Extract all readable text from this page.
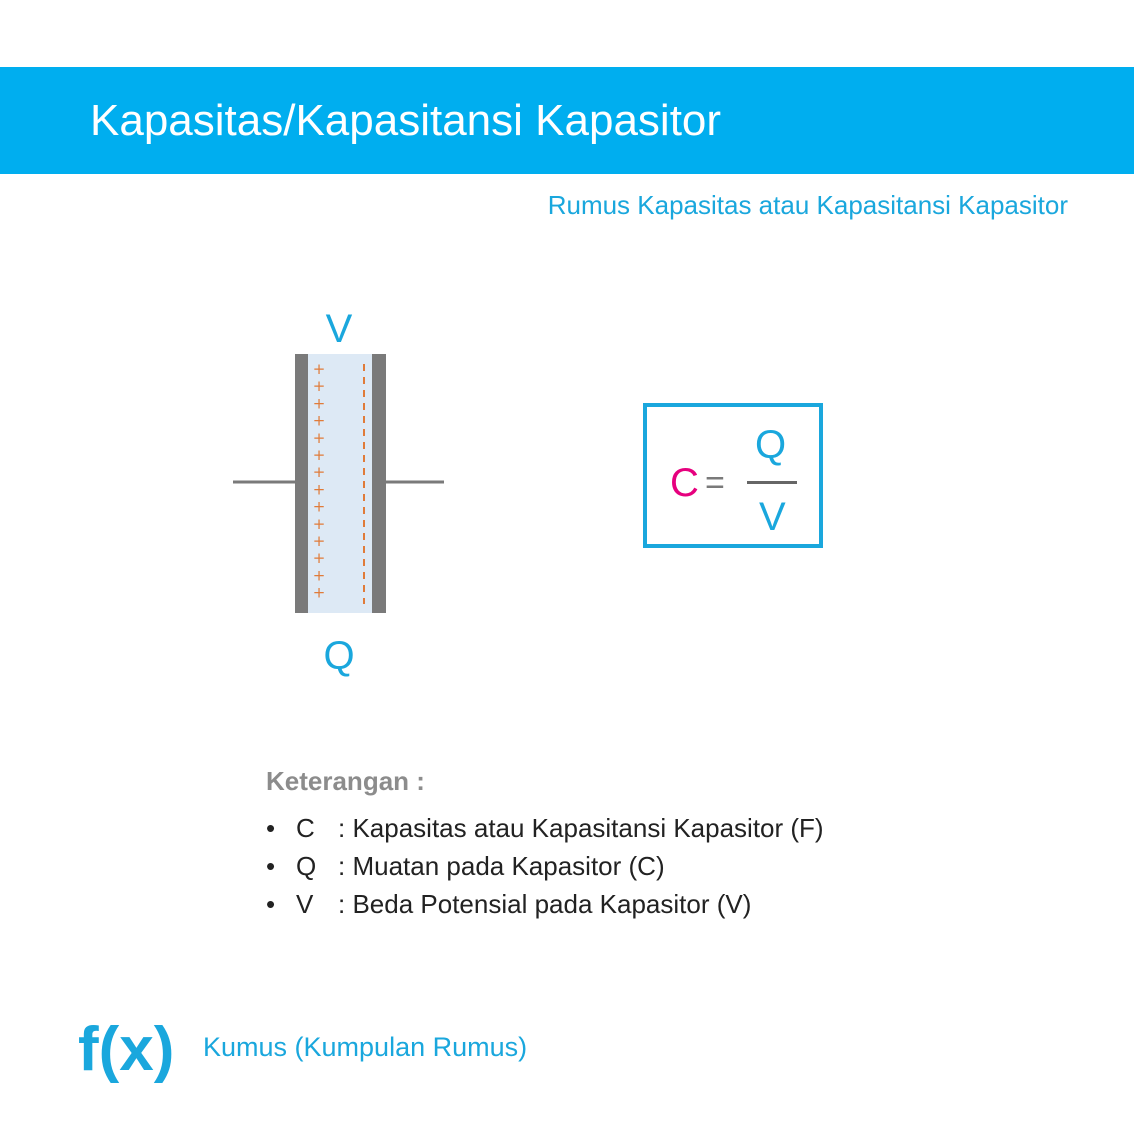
Kapasitas/Kapasitansi Kapasitor
Rumus Kapasitas atau Kapasitansi Kapasitor
+
+
+
+
+
+
+
+
+
+
+
+
+
+
V
Q
C =
Q
V
Keterangan :
• C : Kapasitas atau Kapasitansi Kapasitor (F)
• Q : Muatan pada Kapasitor (C)
• V : Beda Potensial pada Kapasitor (V)
f(x) Kumus (Kumpulan Rumus)
